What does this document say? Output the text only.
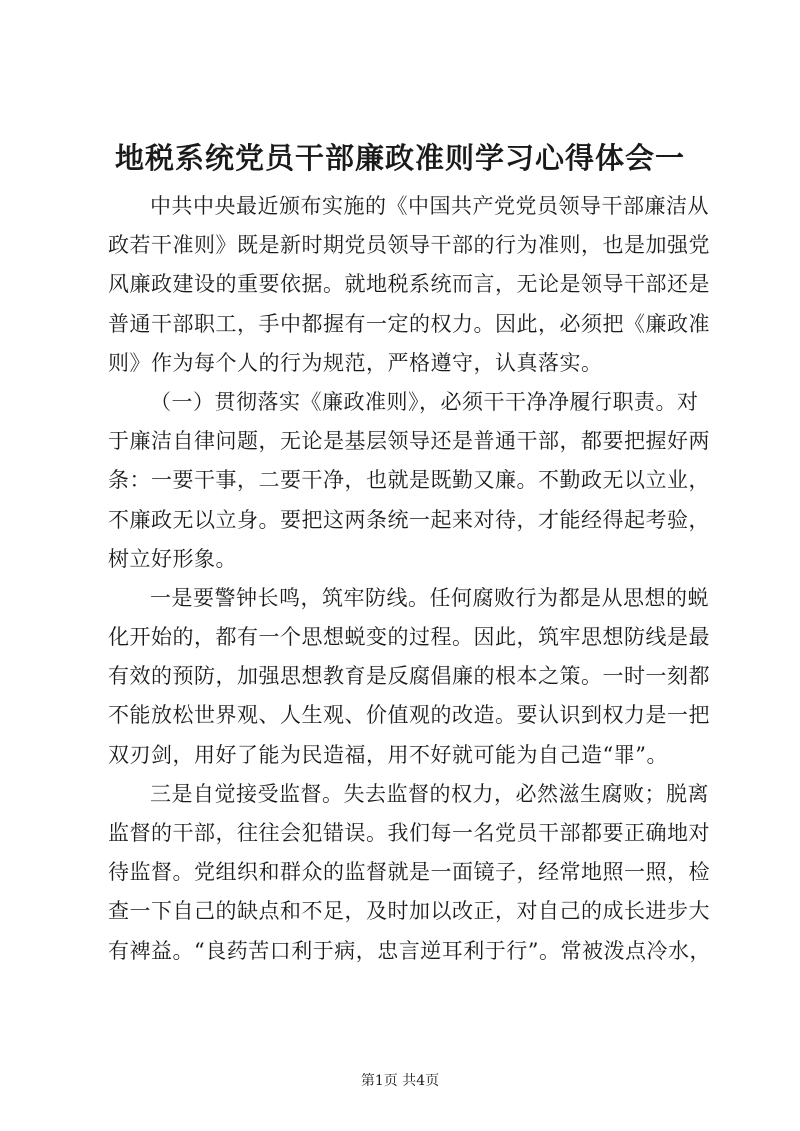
地税系统党员干部廉政准则学习心得体会一
中共中央最近颁布实施的《中国共产党党员领导干部廉洁从
政若干准则》既是新时期党员领导干部的行为准则，也是加强党
风廉政建设的重要依据。就地税系统而言，无论是领导干部还是
普通干部职工，手中都握有一定的权力。因此，必须把《廉政准
则》作为每个人的行为规范，严格遵守，认真落实。
（一）贯彻落实《廉政准则》，必须干干净净履行职责。对
于廉洁自律问题，无论是基层领导还是普通干部，都要把握好两
条：一要干事，二要干净，也就是既勤又廉。不勤政无以立业，
不廉政无以立身。要把这两条统一起来对待，才能经得起考验，
树立好形象。
一是要警钟长鸣，筑牢防线。任何腐败行为都是从思想的蜕
化开始的，都有一个思想蜕变的过程。因此，筑牢思想防线是最
有效的预防，加强思想教育是反腐倡廉的根本之策。一时一刻都
不能放松世界观、人生观、价值观的改造。要认识到权力是一把
双刃剑，用好了能为民造福，用不好就可能为自己造“罪”。
三是自觉接受监督。失去监督的权力，必然滋生腐败；脱离
监督的干部，往往会犯错误。我们每一名党员干部都要正确地对
待监督。党组织和群众的监督就是一面镜子，经常地照一照，检
查一下自己的缺点和不足，及时加以改正，对自己的成长进步大
有裨益。“良药苦口利于病，忠言逆耳利于行”。常被泼点冷水，
第1页 共4页
